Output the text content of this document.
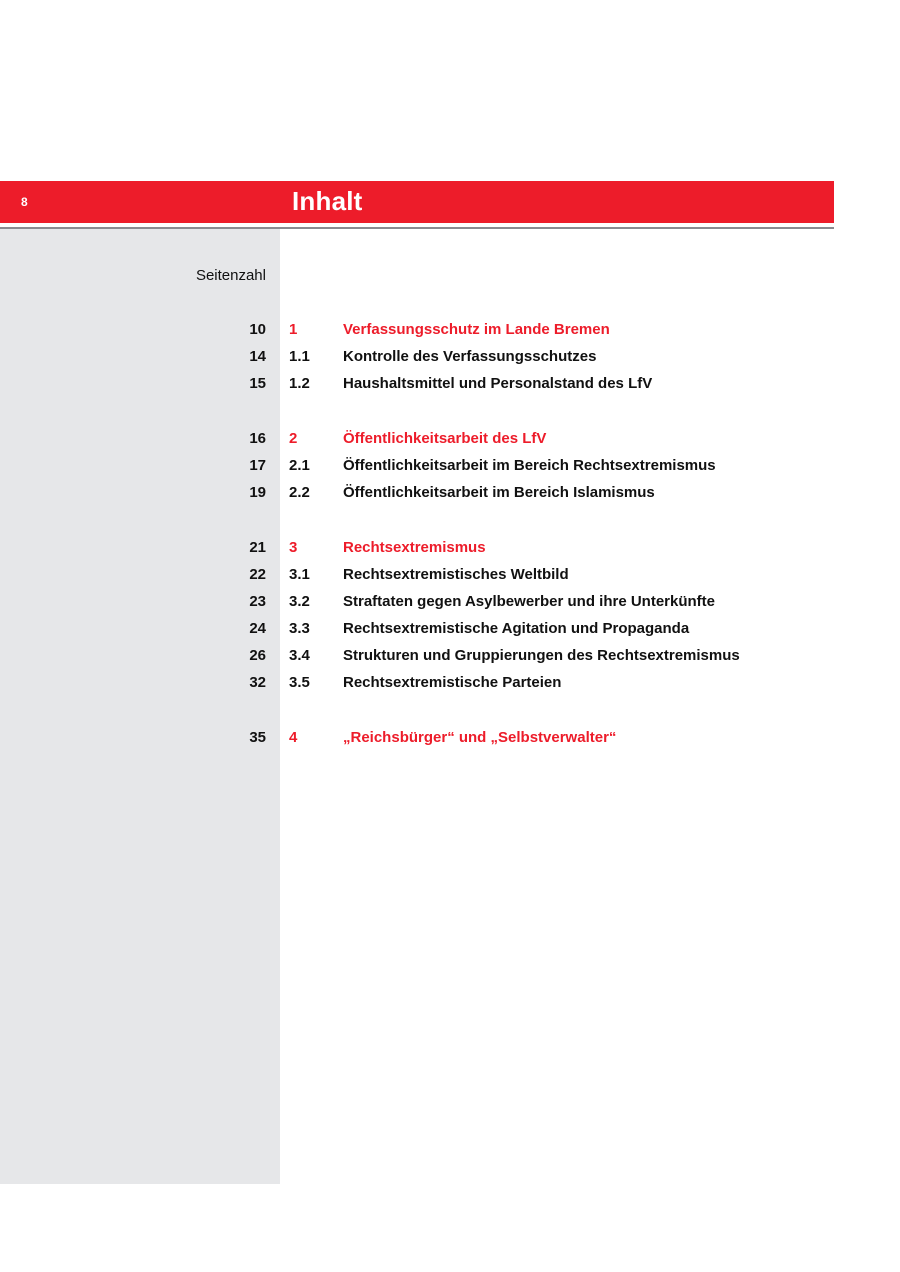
8	Inhalt
Seitenzahl
10 1	Verfassungsschutz im Lande Bremen
14 1.1 Kontrolle des Verfassungsschutzes
15 1.2 Haushaltsmittel und Personalstand des LfV
16 2	Öffentlichkeitsarbeit des LfV
17 2.1 Öffentlichkeitsarbeit im Bereich Rechtsextremismus
19 2.2 Öffentlichkeitsarbeit im Bereich Islamismus
21 3	Rechtsextremismus
22 3.1 Rechtsextremistisches Weltbild
23 3.2 Straftaten gegen Asylbewerber und ihre Unterkünfte
24 3.3 Rechtsextremistische Agitation und Propaganda
26 3.4 Strukturen und Gruppierungen des Rechtsextremismus
32 3.5 Rechtsextremistische Parteien
35 4	„Reichsbürger“ und „Selbstverwalter“
